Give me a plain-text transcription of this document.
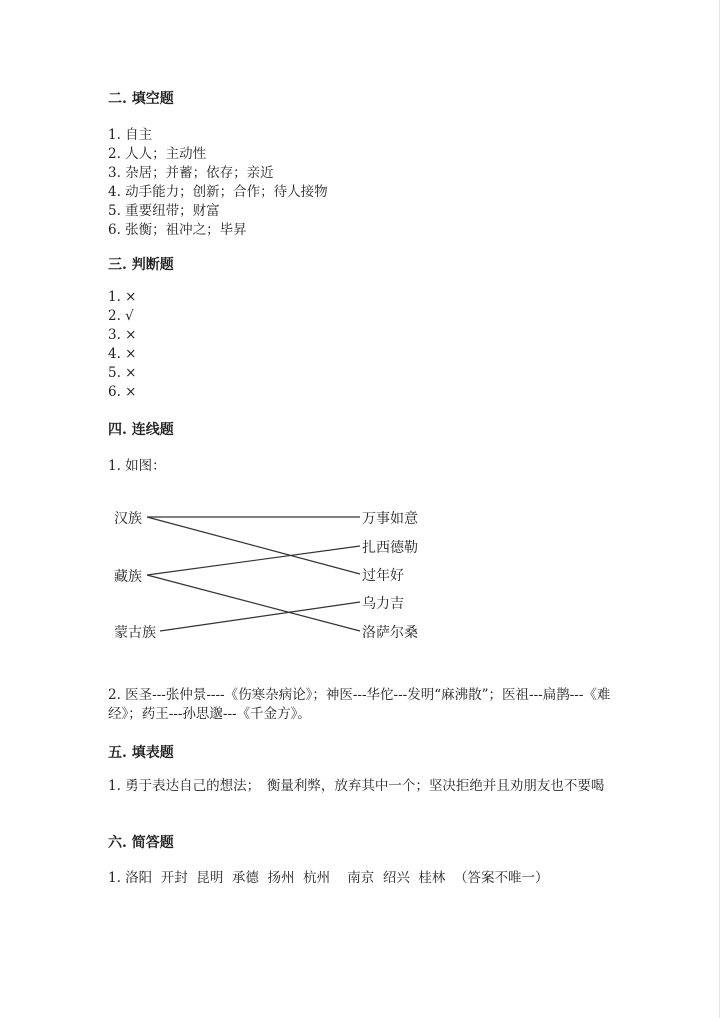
二. 填空题
1. 自主
2. 人人；主动性
3. 杂居；并蓄；依存；亲近
4. 动手能力；创新；合作；待人接物
5. 重要纽带；财富
6. 张衡；祖冲之；毕昇
三. 判断题
1. ×
2. √
3. ×
4. ×
5. ×
6. ×
四. 连线题
1. 如图：
汉族
藏族
蒙古族
万事如意
扎西德勒
过年好
乌力吉
洛萨尔桑
2. 医圣---张仲景----《伤寒杂病论》；神医---华佗---发明“麻沸散”；医祖---扁鹊---《难经》；药王---孙思邈---《千金方》。
五. 填表题
1. 勇于表达自己的想法；　衡量利弊，放弃其中一个；坚决拒绝并且劝朋友也不要喝
六. 简答题
1. 洛阳  开封  昆明  承德  扬州  杭州    南京  绍兴  桂林  （答案不唯一）
